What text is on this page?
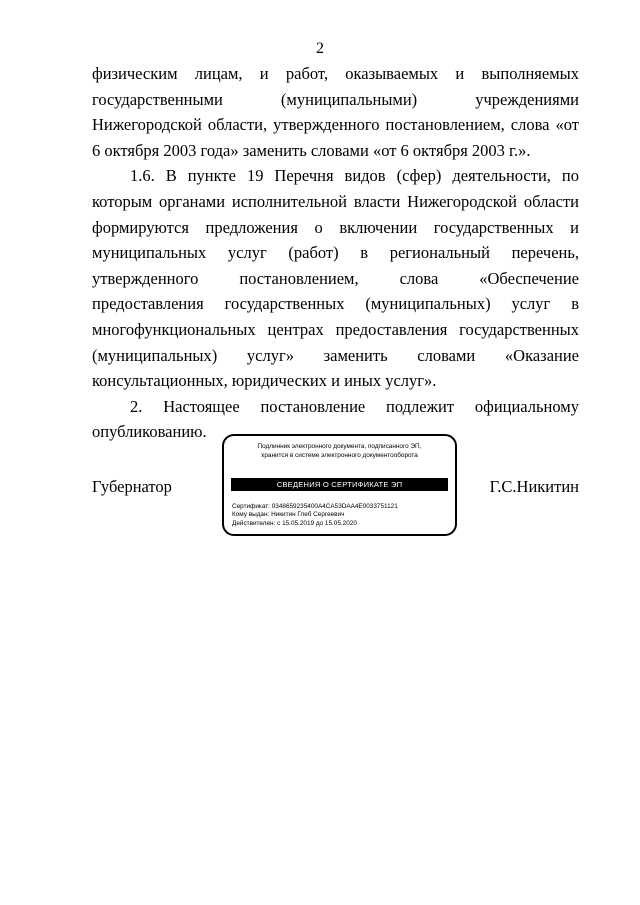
2

физическим лицам, и работ, оказываемых и выполняемых государственными (муниципальными) учреждениями Нижегородской области, утвержденного постановлением, слова «от 6 октября 2003 года» заменить словами «от 6 октября 2003 г.».

1.6. В пункте 19 Перечня видов (сфер) деятельности, по которым органами исполнительной власти Нижегородской области формируются предложения о включении государственных и муниципальных услуг (работ) в региональный перечень, утвержденного постановлением, слова «Обеспечение предоставления государственных (муниципальных) услуг в многофункциональных центрах предоставления государственных (муниципальных) услуг» заменить словами «Оказание консультационных, юридических и иных услуг».

2. Настоящее постановление подлежит официальному опубликованию.

Губернатор
Подлинник электронного документа, подписанного ЭП,
хранится в системе электронного документооборота
СВЕДЕНИЯ О СЕРТИФИКАТЕ ЭП
Сертификат: 0348659235400A4CA53DAA4E0033751121
Кому выдан: Никитин Глеб Сергеевич
Действителен: с 15.05.2019 до 15.05.2020
Г.С.Никитин
